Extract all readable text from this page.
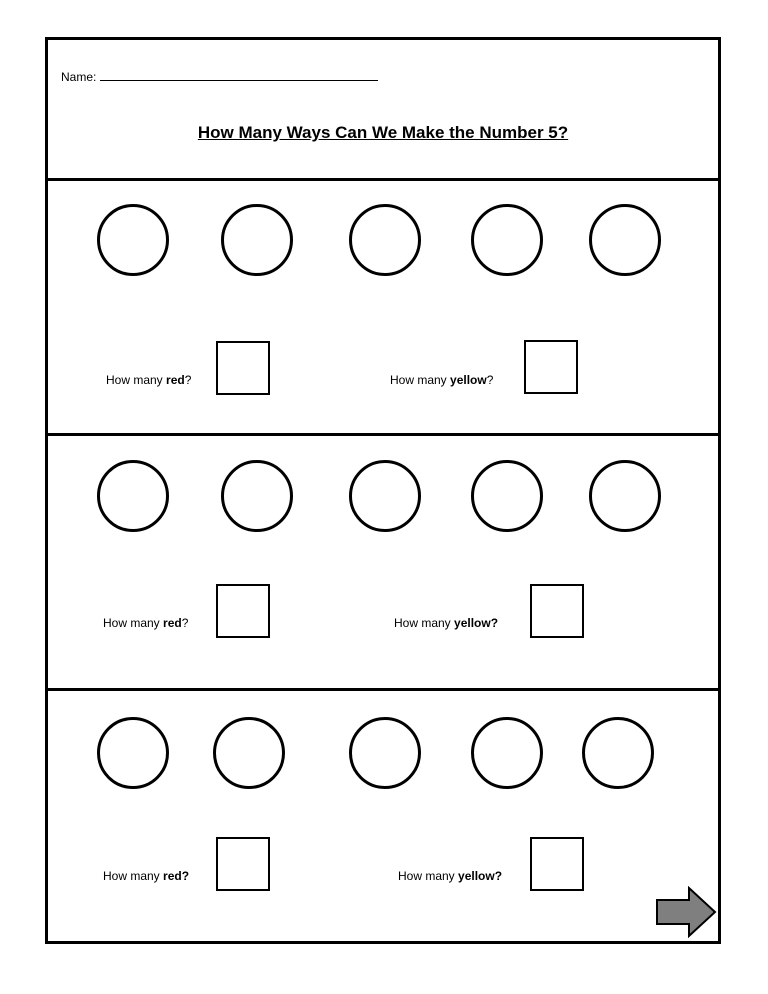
Name:
How Many Ways Can We Make the Number 5?
How many red?	How many yellow?
How many red?	How many yellow?
How many red?	How many yellow?
